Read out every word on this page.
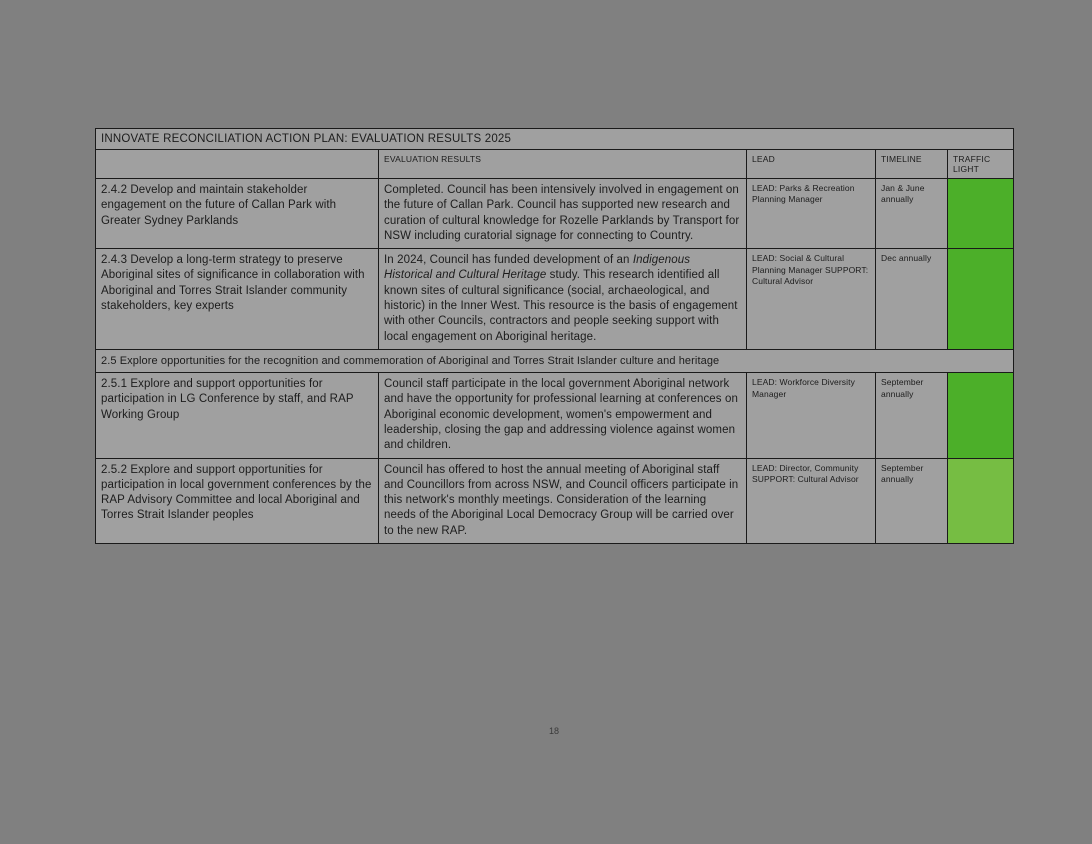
INNOVATE RECONCILIATION ACTION PLAN: EVALUATION RESULTS 2025				
	EVALUATION RESULTS	LEAD	TIMELINE	TRAFFIC LIGHT
2.4.2 Develop and maintain stakeholder engagement on the future of Callan Park with Greater Sydney Parklands	Completed. Council has been intensively involved in engagement on the future of Callan Park. Council has supported new research and curation of cultural knowledge for Rozelle Parklands by Transport for NSW including curatorial signage for connecting to Country.	LEAD: Parks & Recreation Planning Manager	Jan & June annually	
2.4.3 Develop a long-term strategy to preserve Aboriginal sites of significance in collaboration with Aboriginal and Torres Strait Islander community stakeholders, key experts	In 2024, Council has funded development of an Indigenous Historical and Cultural Heritage study. This research identified all known sites of cultural significance (social, archaeological, and historic) in the Inner West. This resource is the basis of engagement with other Councils, contractors and people seeking support with local engagement on Aboriginal heritage.	LEAD: Social & Cultural Planning Manager SUPPORT: Cultural Advisor	Dec annually	
2.5 Explore opportunities for the recognition and commemoration of Aboriginal and Torres Strait Islander culture and heritage				
2.5.1 Explore and support opportunities for participation in LG Conference by staff, and RAP Working Group	Council staff participate in the local government Aboriginal network and have the opportunity for professional learning at conferences on Aboriginal economic development, women's empowerment and leadership, closing the gap and addressing violence against women and children.	LEAD: Workforce Diversity Manager	September annually	
2.5.2 Explore and support opportunities for participation in local government conferences by the RAP Advisory Committee and local Aboriginal and Torres Strait Islander peoples	Council has offered to host the annual meeting of Aboriginal staff and Councillors from across NSW, and Council officers participate in this network's monthly meetings. Consideration of the learning needs of the Aboriginal Local Democracy Group will be carried over to the new RAP.	LEAD: Director, Community SUPPORT: Cultural Advisor	September annually	
18
